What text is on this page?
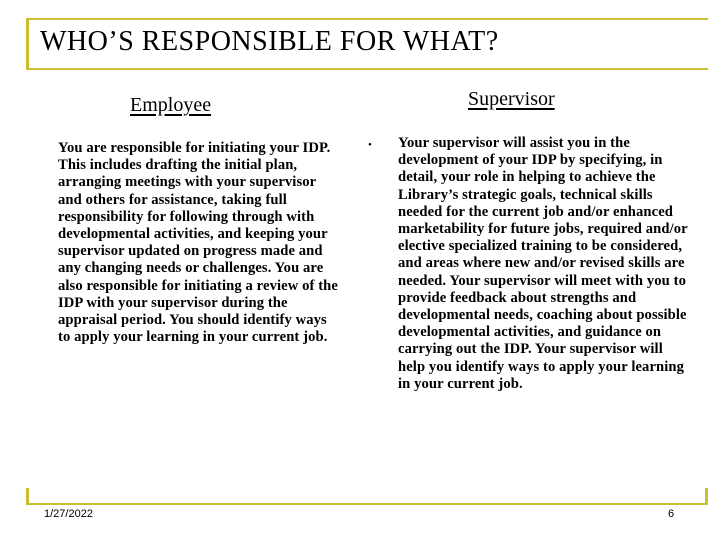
WHO’S RESPONSIBLE FOR WHAT?
Employee
You are responsible for initiating your IDP. This includes drafting the initial plan, arranging meetings with your supervisor and others for assistance, taking full responsibility for following through with developmental activities, and keeping your supervisor updated on progress made and any changing needs or challenges. You are also responsible for initiating a review of the IDP with your supervisor during the appraisal period. You should identify ways to apply your learning in your current job.
Supervisor
• Your supervisor will assist you in the development of your IDP by specifying, in detail, your role in helping to achieve the Library’s strategic goals, technical skills needed for the current job and/or enhanced marketability for future jobs, required and/or elective specialized training to be considered, and areas where new and/or revised skills are needed. Your supervisor will meet with you to provide feedback about strengths and developmental needs, coaching about possible developmental activities, and guidance on carrying out the IDP. Your supervisor will help you identify ways to apply your learning in your current job.
1/27/2022	6
